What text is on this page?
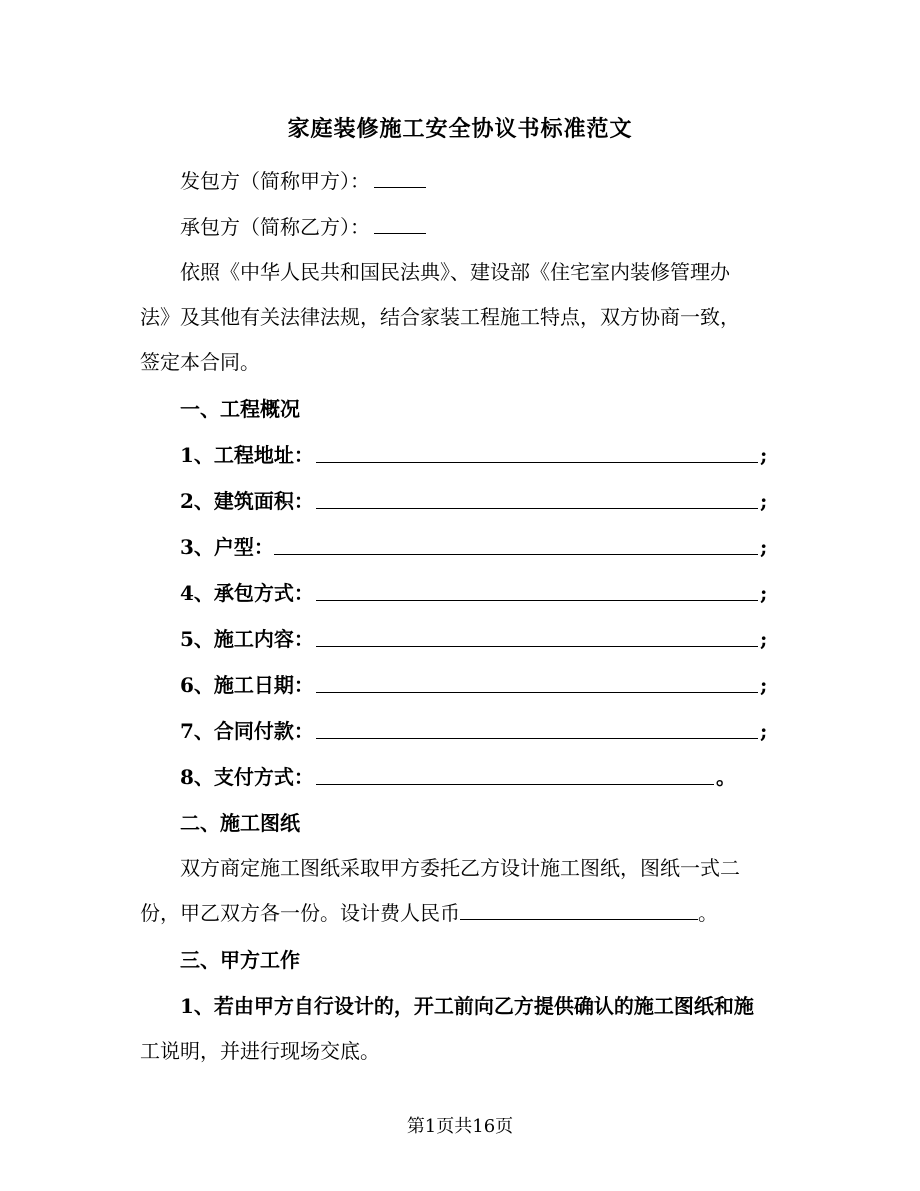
家庭装修施工安全协议书标准范文
发包方（简称甲方）：
承包方（简称乙方）：
依照《中华人民共和国民法典》、建设部《住宅室内装修管理办
法》及其他有关法律法规，结合家装工程施工特点，双方协商一致，
签定本合同。
一、工程概况
1、工程地址：	;
2、建筑面积：	;
3、户型：	;
4、承包方式：	;
5、施工内容：	;
6、施工日期：	;
7、合同付款：	;
8、支付方式：	。
二、施工图纸
双方商定施工图纸采取甲方委托乙方设计施工图纸，图纸一式二
份，甲乙双方各一份。设计费人民币	。
三、甲方工作
1、若由甲方自行设计的，开工前向乙方提供确认的施工图纸和施
工说明，并进行现场交底。
第1页共16页
